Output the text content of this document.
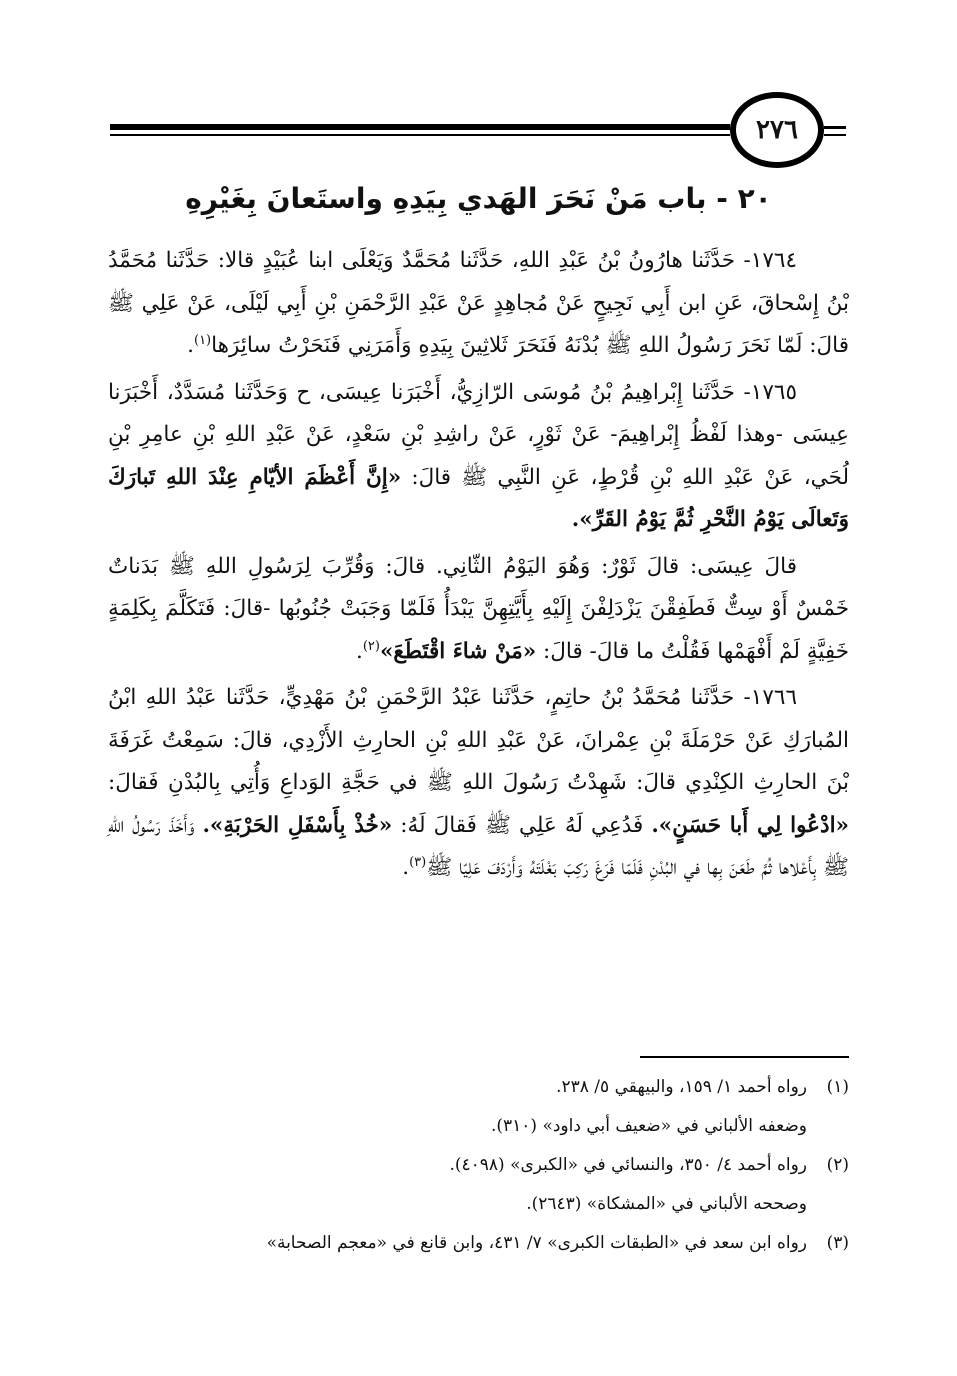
٢٧٦
٢٠ - باب مَنْ نَحَرَ الهَدي بِيَدِهِ واستَعانَ بِغَيْرِهِ

١٧٦٤- حَدَّثَنا هارُونُ بْنُ عَبْدِ اللهِ، حَدَّثَنا مُحَمَّدٌ وَيَعْلَى ابنا عُبَيْدٍ قالا: حَدَّثَنا مُحَمَّدُ بْنُ إِسْحاقَ، عَنِ ابن أَبِي نَجِيحٍ عَنْ مُجاهِدٍ عَنْ عَبْدِ الرَّحْمَنِ بْنِ أَبِي لَيْلَى، عَنْ عَلِي ﷺ قالَ: لَمّا نَحَرَ رَسُولُ اللهِ ﷺ بُدْنَهُ فَنَحَرَ ثَلاثِينَ بِيَدِهِ وَأَمَرَنِي فَنَحَرْتُ سائِرَها$^{(١)}$.

١٧٦٥- حَدَّثَنا إِبْراهِيمُ بْنُ مُوسَى الرّازِيُّ، أَخْبَرَنا عِيسَى، ح وَحَدَّثَنا مُسَدَّدٌ، أَخْبَرَنا عِيسَى -وهذا لَفْظُ إِبْراهِيمَ- عَنْ ثَوْرٍ، عَنْ راشِدِ بْنِ سَعْدٍ، عَنْ عَبْدِ اللهِ بْنِ عامِرِ بْنِ لُحَي، عَنْ عَبْدِ اللهِ بْنِ قُرْطٍ، عَنِ النَّبِي ﷺ قالَ: «إِنَّ أَعْظَمَ الأيّامِ عِنْدَ اللهِ تَبارَكَ وَتَعالَى يَوْمُ النَّحْرِ ثُمَّ يَوْمُ القَرِّ».

قالَ عِيسَى: قالَ ثَوْرٌ: وَهُوَ اليَوْمُ الثّانِي. قالَ: وَقُرِّبَ لِرَسُولِ اللهِ ﷺ بَدَناتٌ خَمْسٌ أَوْ سِتٌّ فَطَفِقْنَ يَزْدَلِفْنَ إِلَيْهِ بِأَيَّتِهِنَّ يَبْدَأُ فَلَمّا وَجَبَتْ جُنُوبُها -قالَ: فَتَكَلَّمَ بِكَلِمَةٍ خَفِيَّةٍ لَمْ أَفْهَمْها فَقُلْتُ ما قالَ- قالَ: «مَنْ شاءَ اقْتَطَعَ»$^{(٢)}$.

١٧٦٦- حَدَّثَنا مُحَمَّدُ بْنُ حاتِمٍ، حَدَّثَنا عَبْدُ الرَّحْمَنِ بْنُ مَهْدِيٍّ، حَدَّثَنا عَبْدُ اللهِ ابْنُ المُبارَكِ عَنْ حَرْمَلَةَ بْنِ عِمْرانَ، عَنْ عَبْدِ اللهِ بْنِ الحارِثِ الأَزْدِي، قالَ: سَمِعْتُ غَرَفَةَ بْنَ الحارِثِ الكِنْدِي قالَ: شَهِدْتُ رَسُولَ اللهِ ﷺ في حَجَّةِ الوَداعِ وَأُتِي بِالبُدْنِ فَقالَ: «ادْعُوا لِي أَبا حَسَنٍ». فَدُعِي لَهُ عَلِي ﷺ فَقالَ لَهُ: «خُذْ بِأَسْفَلِ الحَرْبَةِ». وَأَخَذَ رَسُولُ اللهِ ﷺ بِأَعْلاها ثُمَّ طَعَنَ بِها في البُدْنِ فَلَمّا فَرَغَ رَكِبَ بَغْلَتَهُ وَأَرْدَفَ عَلِيّا ﷺ$^{(٣)}$.

(١)رواه أحمد ١/ ١٥٩، والبيهقي ٥/ ٢٣٨.
وضعفه الألباني في «ضعيف أبي داود» (٣١٠).
(٢)رواه أحمد ٤/ ٣٥٠، والنسائي في «الكبرى» (٤٠٩٨).
وصححه الألباني في «المشكاة» (٢٦٤٣).
(٣)رواه ابن سعد في «الطبقات الكبرى» ٧/ ٤٣١، وابن قانع في «معجم الصحابة»
